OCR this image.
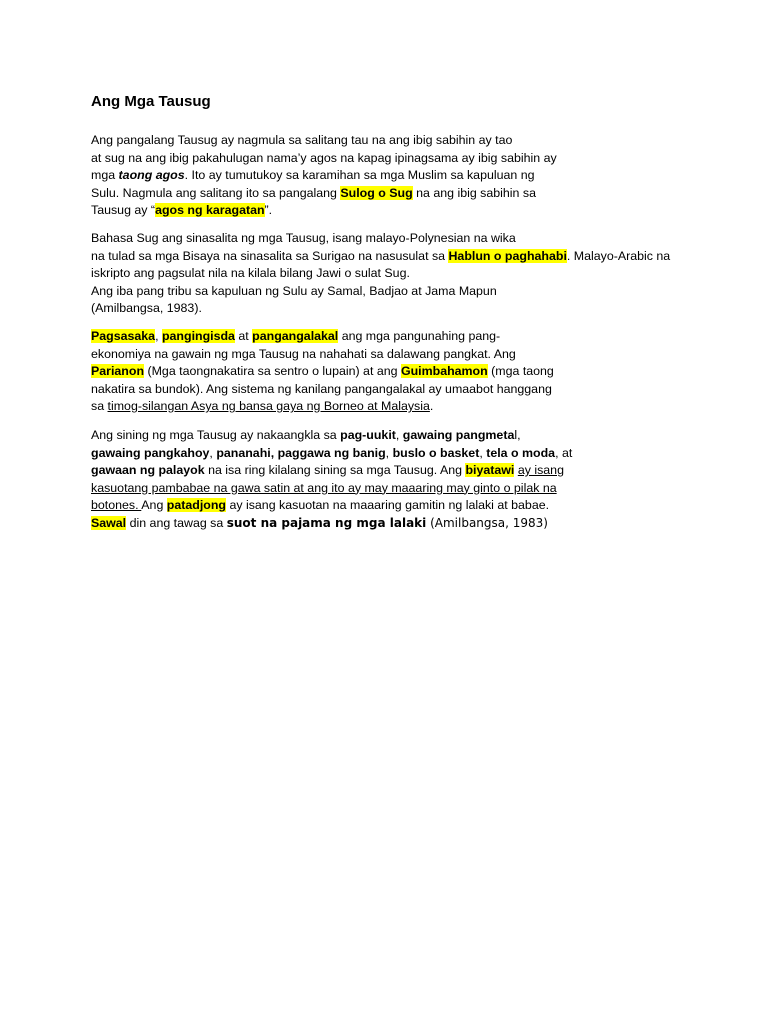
Ang Mga Tausug
Ang pangalang Tausug ay nagmula sa salitang tau na ang ibig sabihin ay tao
at sug na ang ibig pakahulugan nama’y agos na kapag ipinagsama ay ibig sabihin ay
mga taong agos. Ito ay tumutukoy sa karamihan sa mga Muslim sa kapuluan ng
Sulu. Nagmula ang salitang ito sa pangalang Sulog o Sug na ang ibig sabihin sa
Tausug ay “agos ng karagatan”.
Bahasa Sug ang sinasalita ng mga Tausug, isang malayo-Polynesian na wika
na tulad sa mga Bisaya na sinasalita sa Surigao na nasusulat sa Hablun o paghahabi. Malayo-Arabic na
iskripto ang pagsulat nila na kilala bilang Jawi o sulat Sug.
Ang iba pang tribu sa kapuluan ng Sulu ay Samal, Badjao at Jama Mapun
(Amilbangsa, 1983).
Pagsasaka, pangingisda at pangangalakal ang mga pangunahing pang-
ekonomiya na gawain ng mga Tausug na nahahati sa dalawang pangkat. Ang
Parianon (Mga taongnakatira sa sentro o lupain) at ang Guimbahamon (mga taong
nakatira sa bundok). Ang sistema ng kanilang pangangalakal ay umaabot hanggang
sa timog-silangan Asya ng bansa gaya ng Borneo at Malaysia.
Ang sining ng mga Tausug ay nakaangkla sa pag-uukit, gawaing pangmetal,
gawaing pangkahoy, pananahi, paggawa ng banig, buslo o basket, tela o moda, at
gawaan ng palayok na isa ring kilalang sining sa mga Tausug. Ang biyatawi ay isang
kasuotang pambabae na gawa satin at ang ito ay may maaaring may ginto o pilak na
botones. Ang patadjong ay isang kasuotan na maaaring gamitin ng lalaki at babae.
Sawal din ang tawag sa suot na pajama ng mga lalaki (Amilbangsa, 1983)
